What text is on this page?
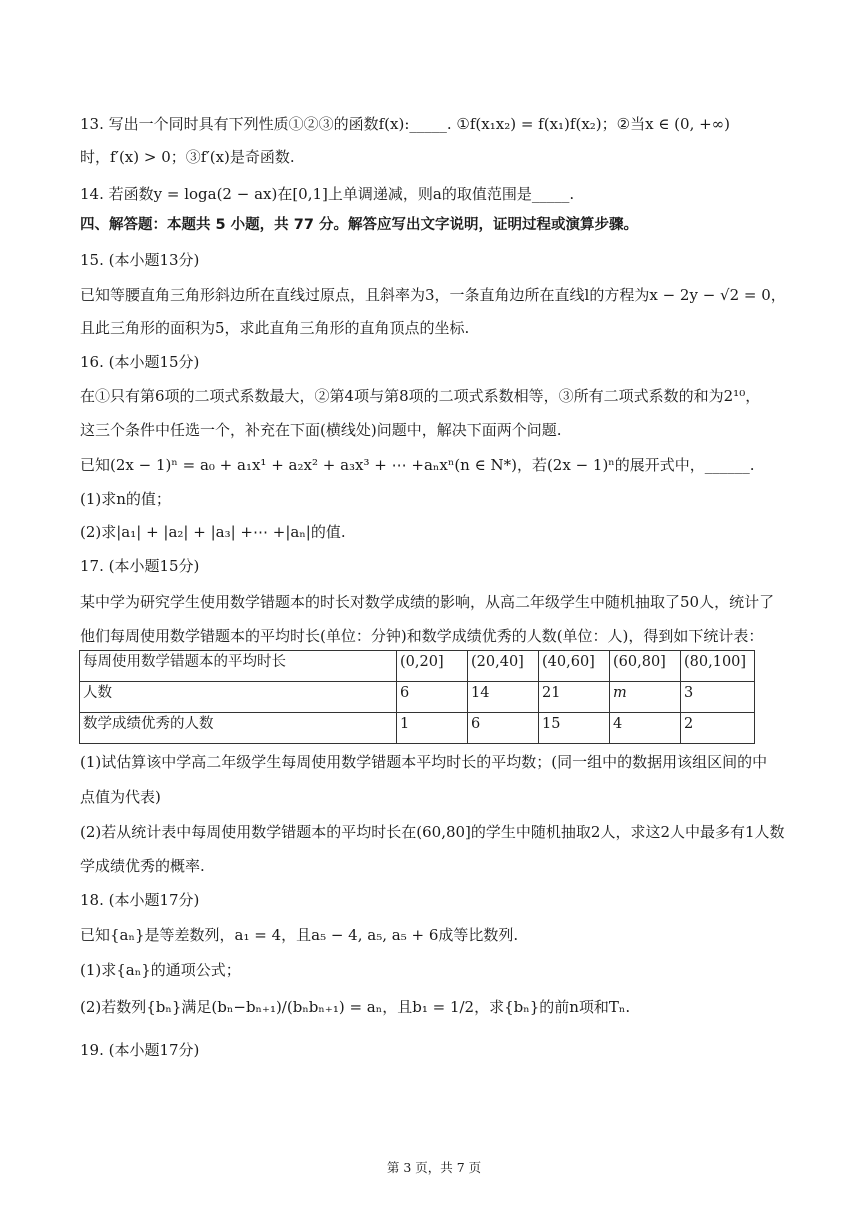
13. 写出一个同时具有下列性质①②③的函数f(x):_____. ①f(x₁x₂) = f(x₁)f(x₂)；②当x ∈ (0, +∞)
时，f′(x) > 0；③f′(x)是奇函数.
14. 若函数y = loga(2 − ax)在[0,1]上单调递减，则a的取值范围是_____.
四、解答题：本题共 5 小题，共 77 分。解答应写出文字说明，证明过程或演算步骤。
15. (本小题13分)
已知等腰直角三角形斜边所在直线过原点，且斜率为3，一条直角边所在直线l的方程为x − 2y − √2 = 0，
且此三角形的面积为5，求此直角三角形的直角顶点的坐标.
16. (本小题15分)
在①只有第6项的二项式系数最大，②第4项与第8项的二项式系数相等，③所有二项式系数的和为2¹⁰，
这三个条件中任选一个，补充在下面(横线处)问题中，解决下面两个问题.
已知(2x − 1)ⁿ = a₀ + a₁x¹ + a₂x² + a₃x³ + ⋯ +aₙxⁿ(n ∈ N*)，若(2x − 1)ⁿ的展开式中，______.
(1)求n的值；
(2)求|a₁| + |a₂| + |a₃| +⋯ +|aₙ|的值.
17. (本小题15分)
某中学为研究学生使用数学错题本的时长对数学成绩的影响，从高二年级学生中随机抽取了50人，统计了
他们每周使用数学错题本的平均时长(单位：分钟)和数学成绩优秀的人数(单位：人)，得到如下统计表：
每周使用数学错题本的平均时长	(0,20]	(20,40]	(40,60]	(60,80]	(80,100]
人数	6	14	21	m	3
数学成绩优秀的人数	1	6	15	4	2
(1)试估算该中学高二年级学生每周使用数学错题本平均时长的平均数；(同一组中的数据用该组区间的中
点值为代表)
(2)若从统计表中每周使用数学错题本的平均时长在(60,80]的学生中随机抽取2人，求这2人中最多有1人数
学成绩优秀的概率.
18. (本小题17分)
已知{aₙ}是等差数列，a₁ = 4，且a₅ − 4, a₅, a₅ + 6成等比数列.
(1)求{aₙ}的通项公式；
(2)若数列{bₙ}满足(bₙ−bₙ₊₁)/(bₙbₙ₊₁) = aₙ，且b₁ = 1/2，求{bₙ}的前n项和Tₙ.
19. (本小题17分)
第 3 页，共 7 页
